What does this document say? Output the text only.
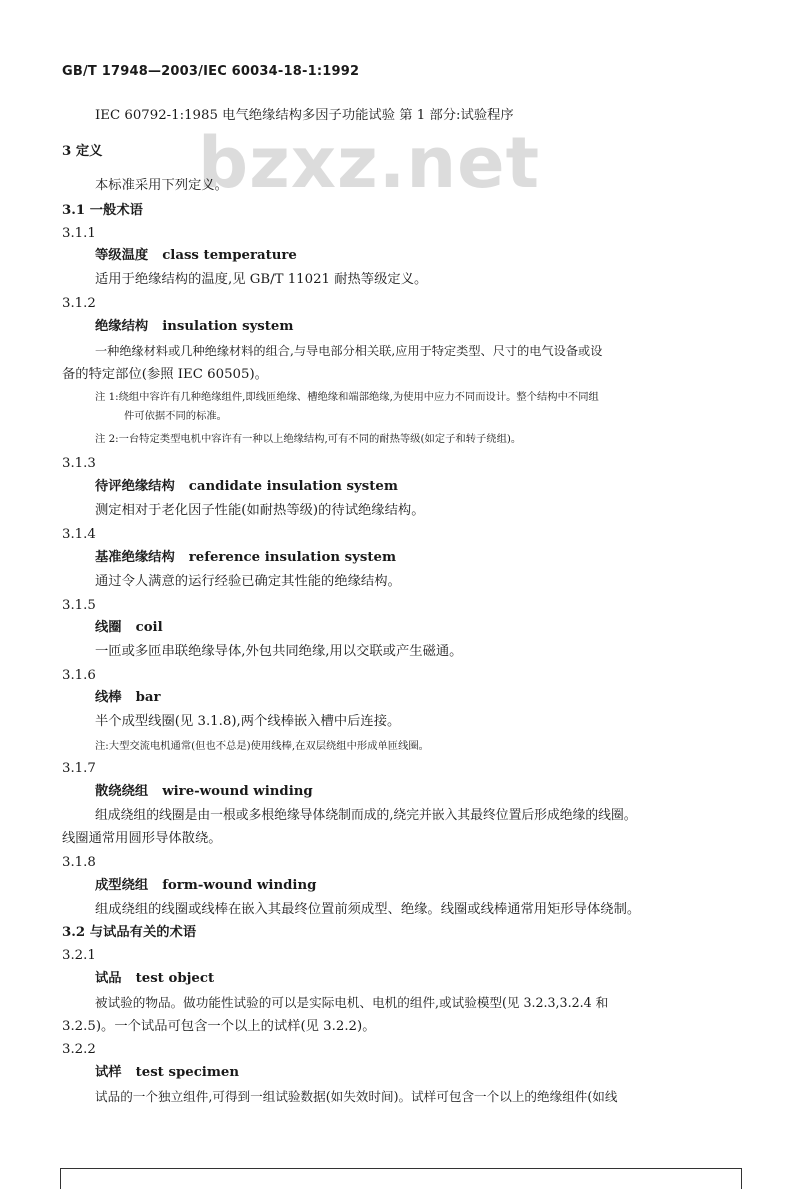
bzxz.net
GB/T 17948—2003/IEC 60034-18-1:1992
IEC 60792-1:1985 电气绝缘结构多因子功能试验 第 1 部分:试验程序
3 定义
本标准采用下列定义。
3.1 一般术语
3.1.1
等级温度 class temperature
适用于绝缘结构的温度,见 GB/T 11021 耐热等级定义。
3.1.2
绝缘结构 insulation system
一种绝缘材料或几种绝缘材料的组合,与导电部分相关联,应用于特定类型、尺寸的电气设备或设
备的特定部位(参照 IEC 60505)。
注 1:绕组中容许有几种绝缘组件,即线匝绝缘、槽绝缘和端部绝缘,为使用中应力不同而设计。整个结构中不同组
件可依据不同的标准。
注 2:一台特定类型电机中容许有一种以上绝缘结构,可有不同的耐热等级(如定子和转子绕组)。
3.1.3
待评绝缘结构 candidate insulation system
测定相对于老化因子性能(如耐热等级)的待试绝缘结构。
3.1.4
基准绝缘结构 reference insulation system
通过令人满意的运行经验已确定其性能的绝缘结构。
3.1.5
线圈 coil
一匝或多匝串联绝缘导体,外包共同绝缘,用以交联或产生磁通。
3.1.6
线棒 bar
半个成型线圈(见 3.1.8),两个线棒嵌入槽中后连接。
注:大型交流电机通常(但也不总是)使用线棒,在双层绕组中形成单匝线圈。
3.1.7
散绕绕组 wire-wound winding
组成绕组的线圈是由一根或多根绝缘导体绕制而成的,绕完并嵌入其最终位置后形成绝缘的线圈。
线圈通常用圆形导体散绕。
3.1.8
成型绕组 form-wound winding
组成绕组的线圈或线棒在嵌入其最终位置前须成型、绝缘。线圈或线棒通常用矩形导体绕制。
3.2 与试品有关的术语
3.2.1
试品 test object
被试验的物品。做功能性试验的可以是实际电机、电机的组件,或试验模型(见 3.2.3,3.2.4 和
3.2.5)。一个试品可包含一个以上的试样(见 3.2.2)。
3.2.2
试样 test specimen
试品的一个独立组件,可得到一组试验数据(如失效时间)。试样可包含一个以上的绝缘组件(如线
